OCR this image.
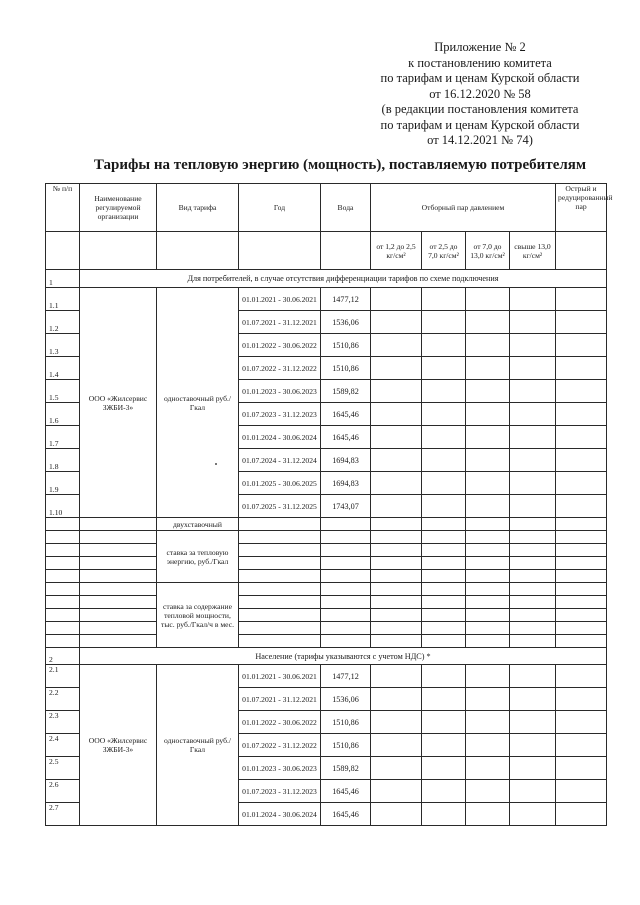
Приложение № 2
к постановлению комитета
по тарифам и ценам Курской области
от 16.12.2020 № 58
(в редакции постановления комитета
по тарифам и ценам Курской области
от 14.12.2021 № 74)
Тарифы на тепловую энергию (мощность), поставляемую потребителям
№ п/п	Наименование регулируемой организации	Вид тарифа	Год	Вода	Отборный пар давлением				Острый и редуцированный пар
					от 1,2 до 2,5 кг/см²	от 2,5 до 7,0 кг/см²	от 7,0 до 13,0 кг/см²	свыше 13,0 кг/см²	
1	Для потребителей, в случае отсутствия дифференциации тарифов по схеме подключения								
1.1	ООО «Жилсервис ЗЖБИ-3»	одноставочный руб./Гкал	01.01.2021 - 30.06.2021	1477,12					
1.2			01.07.2021 - 31.12.2021	1536,06					
1.3			01.01.2022 - 30.06.2022	1510,86					
1.4			01.07.2022 - 31.12.2022	1510,86					
1.5			01.01.2023 - 30.06.2023	1589,82					
1.6			01.07.2023 - 31.12.2023	1645,46					
1.7			01.01.2024 - 30.06.2024	1645,46					
1.8			01.07.2024 - 31.12.2024	1694,83					
1.9			01.01.2025 - 30.06.2025	1694,83					
1.10			01.07.2025 - 31.12.2025	1743,07					
		двухставочный							
		ставка за тепловую энергию, руб./Гкал							

		ставка за содержание тепловой мощности, тыс. руб./Гкал/ч в мес.							

2	Население (тарифы указываются с учетом НДС) *								
2.1	ООО «Жилсервис ЗЖБИ-3»	одноставочный руб./Гкал	01.01.2021 - 30.06.2021	1477,12					
2.2			01.07.2021 - 31.12.2021	1536,06					
2.3			01.01.2022 - 30.06.2022	1510,86					
2.4			01.07.2022 - 31.12.2022	1510,86					
2.5			01.01.2023 - 30.06.2023	1589,82					
2.6			01.07.2023 - 31.12.2023	1645,46					
2.7			01.01.2024 - 30.06.2024	1645,46					
